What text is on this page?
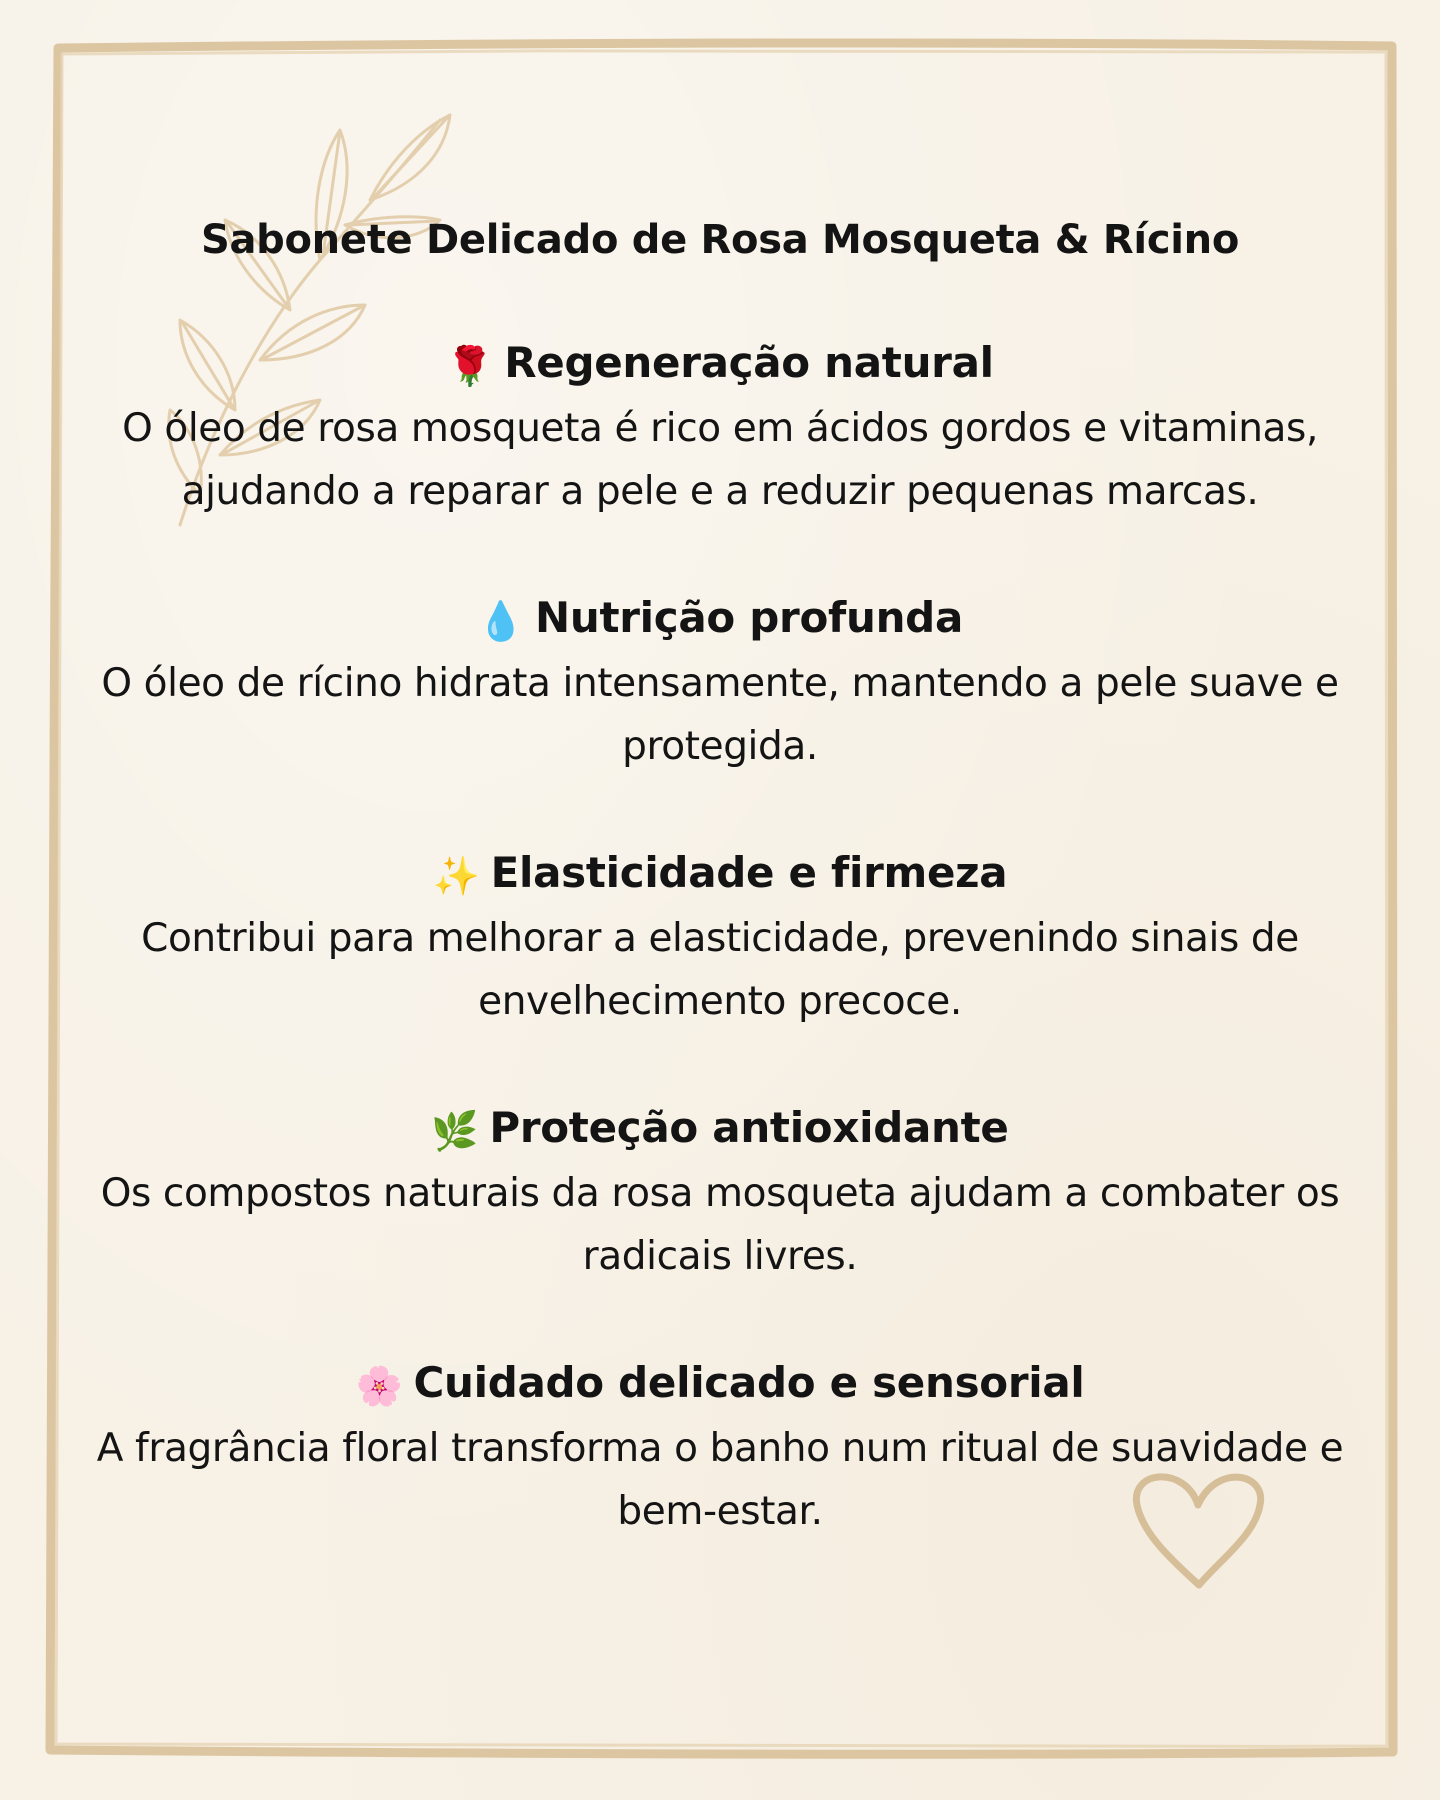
Sabonete Delicado de Rosa Mosqueta & Rícino
🌹 Regeneração natural

O óleo de rosa mosqueta é rico em ácidos gordos e vitaminas, ajudando a reparar a pele e a reduzir pequenas marcas.

💧 Nutrição profunda

O óleo de rícino hidrata intensamente, mantendo a pele suave e protegida.

✨ Elasticidade e firmeza

Contribui para melhorar a elasticidade, prevenindo sinais de envelhecimento precoce.

🌿 Proteção antioxidante

Os compostos naturais da rosa mosqueta ajudam a combater os radicais livres.

🌸 Cuidado delicado e sensorial

A fragrância floral transforma o banho num ritual de suavidade e bem-estar.
